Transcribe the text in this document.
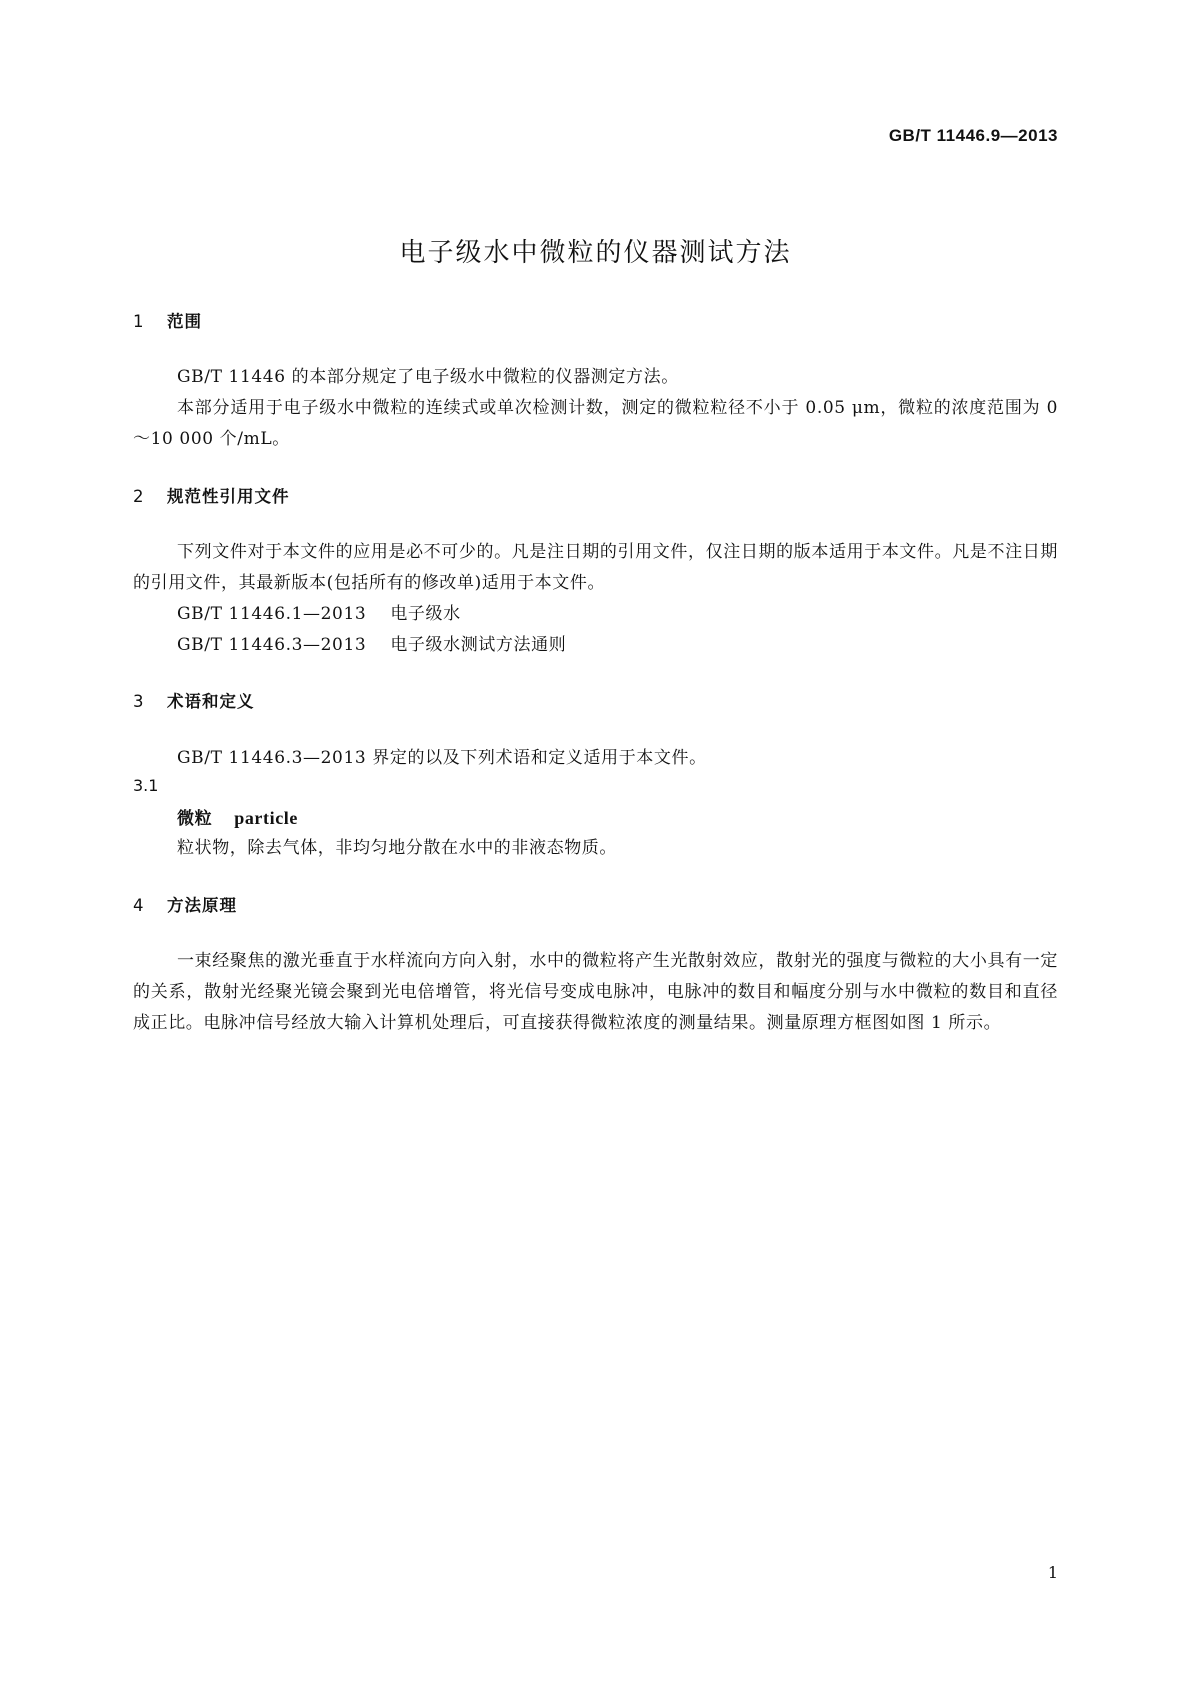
GB/T 11446.9—2013
电子级水中微粒的仪器测试方法
1 范围
GB/T 11446 的本部分规定了电子级水中微粒的仪器测定方法。
本部分适用于电子级水中微粒的连续式或单次检测计数，测定的微粒粒径不小于 0.05 μm，微粒的浓度范围为 0～10 000 个/mL。
2 规范性引用文件
下列文件对于本文件的应用是必不可少的。凡是注日期的引用文件，仅注日期的版本适用于本文件。凡是不注日期的引用文件，其最新版本(包括所有的修改单)适用于本文件。
GB/T 11446.1—2013 电子级水
GB/T 11446.3—2013 电子级水测试方法通则
3 术语和定义
GB/T 11446.3—2013 界定的以及下列术语和定义适用于本文件。
3.1
微粒 particle
粒状物，除去气体，非均匀地分散在水中的非液态物质。
4 方法原理
一束经聚焦的激光垂直于水样流向方向入射，水中的微粒将产生光散射效应，散射光的强度与微粒的大小具有一定的关系，散射光经聚光镜会聚到光电倍增管，将光信号变成电脉冲，电脉冲的数目和幅度分别与水中微粒的数目和直径成正比。电脉冲信号经放大输入计算机处理后，可直接获得微粒浓度的测量结果。测量原理方框图如图 1 所示。
1
